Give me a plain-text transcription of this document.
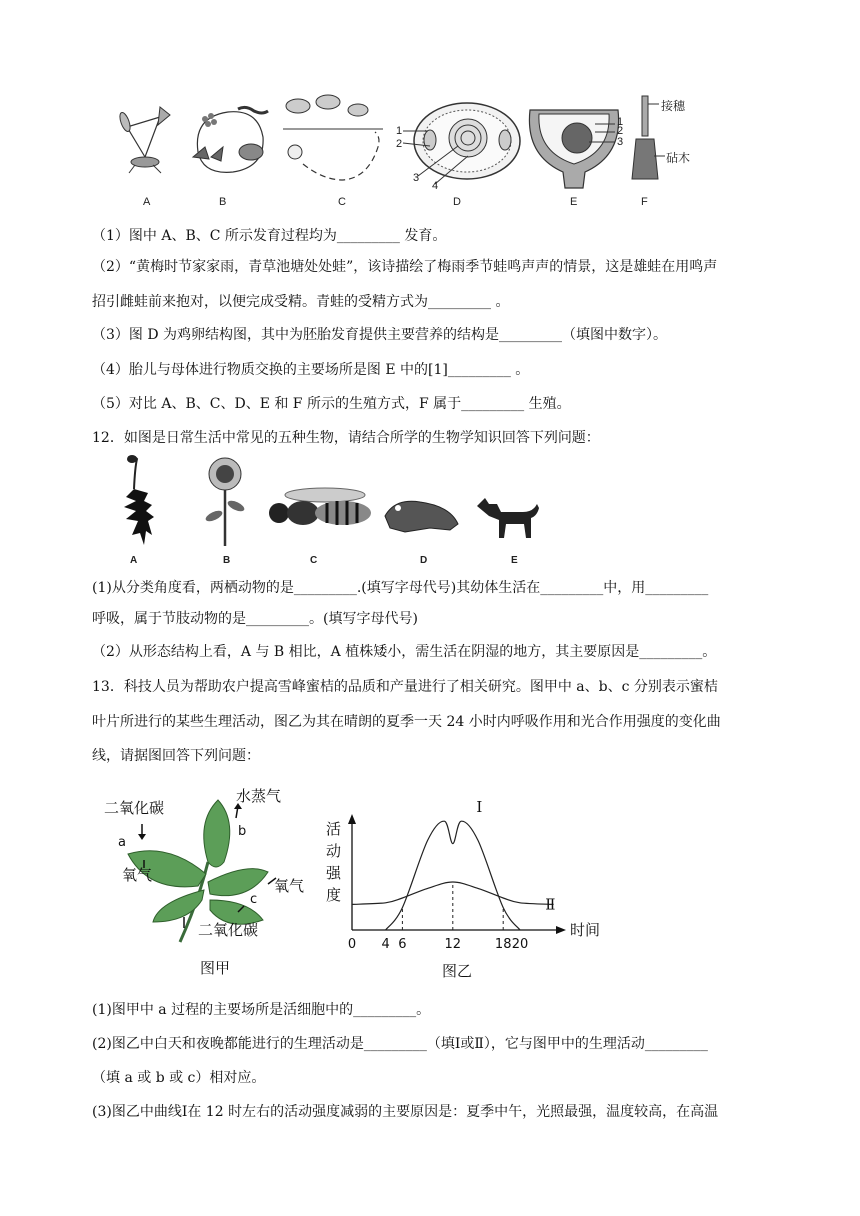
1
2
3
4
1
2
3
接穗
砧木
A	B	C	D	E	F
（1）图中 A、B、C 所示发育过程均为_________ 发育。
（2）“黄梅时节家家雨，青草池塘处处蛙”，该诗描绘了梅雨季节蛙鸣声声的情景，这是雄蛙在用鸣声
招引雌蛙前来抱对，以便完成受精。青蛙的受精方式为_________ 。
（3）图 D 为鸡卵结构图，其中为胚胎发育提供主要营养的结构是_________（填图中数字）。
（4）胎儿与母体进行物质交换的主要场所是图 E 中的[1]_________ 。
（5）对比 A、B、C、D、E 和 F 所示的生殖方式，F 属于_________ 生殖。
12．如图是日常生活中常见的五种生物，请结合所学的生物学知识回答下列问题：
A	B	C	D	E
(1)从分类角度看，两栖动物的是_________.(填写字母代号)其幼体生活在_________中，用_________
呼吸，属于节肢动物的是_________。(填写字母代号)
（2）从形态结构上看，A 与 B 相比，A 植株矮小，需生活在阴湿的地方，其主要原因是_________。
13．科技人员为帮助农户提高雪峰蜜桔的品质和产量进行了相关研究。图甲中 a、b、c 分别表示蜜桔
叶片所进行的某些生理活动，图乙为其在晴朗的夏季一天 24 小时内呼吸作用和光合作用强度的变化曲
线，请据图回答下列问题：
二氧化碳
水蒸气
a
b
氧气
氧气
c
二氧化碳
图甲
活
动
强
度
Ⅰ
Ⅱ
0 4 6	12	18 20
时间
图乙
(1)图甲中 a 过程的主要场所是活细胞中的_________。
(2)图乙中白天和夜晚都能进行的生理活动是_________（填Ⅰ或Ⅱ），它与图甲中的生理活动_________
（填 a 或 b 或 c）相对应。
(3)图乙中曲线Ⅰ在 12 时左右的活动强度减弱的主要原因是：夏季中午，光照最强，温度较高，在高温
